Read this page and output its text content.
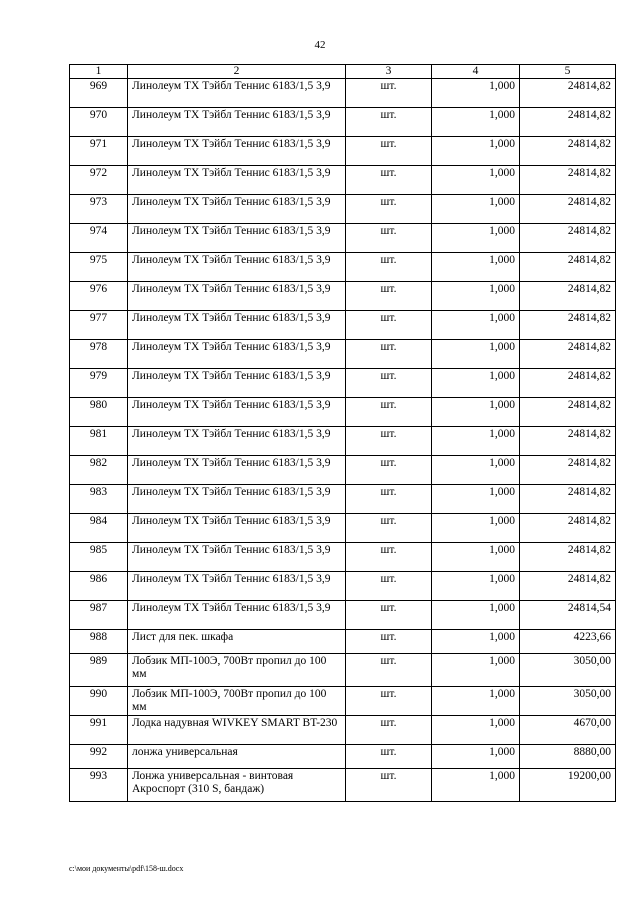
42
1	2	3	4	5
969	Линолеум ТХ Тэйбл Теннис 6183/1,5 3,9	шт.	1,000	24814,82
970	Линолеум ТХ Тэйбл Теннис 6183/1,5 3,9	шт.	1,000	24814,82
971	Линолеум ТХ Тэйбл Теннис 6183/1,5 3,9	шт.	1,000	24814,82
972	Линолеум ТХ Тэйбл Теннис 6183/1,5 3,9	шт.	1,000	24814,82
973	Линолеум ТХ Тэйбл Теннис 6183/1,5 3,9	шт.	1,000	24814,82
974	Линолеум ТХ Тэйбл Теннис 6183/1,5 3,9	шт.	1,000	24814,82
975	Линолеум ТХ Тэйбл Теннис 6183/1,5 3,9	шт.	1,000	24814,82
976	Линолеум ТХ Тэйбл Теннис 6183/1,5 3,9	шт.	1,000	24814,82
977	Линолеум ТХ Тэйбл Теннис 6183/1,5 3,9	шт.	1,000	24814,82
978	Линолеум ТХ Тэйбл Теннис 6183/1,5 3,9	шт.	1,000	24814,82
979	Линолеум ТХ Тэйбл Теннис 6183/1,5 3,9	шт.	1,000	24814,82
980	Линолеум ТХ Тэйбл Теннис 6183/1,5 3,9	шт.	1,000	24814,82
981	Линолеум ТХ Тэйбл Теннис 6183/1,5 3,9	шт.	1,000	24814,82
982	Линолеум ТХ Тэйбл Теннис 6183/1,5 3,9	шт.	1,000	24814,82
983	Линолеум ТХ Тэйбл Теннис 6183/1,5 3,9	шт.	1,000	24814,82
984	Линолеум ТХ Тэйбл Теннис 6183/1,5 3,9	шт.	1,000	24814,82
985	Линолеум ТХ Тэйбл Теннис 6183/1,5 3,9	шт.	1,000	24814,82
986	Линолеум ТХ Тэйбл Теннис 6183/1,5 3,9	шт.	1,000	24814,82
987	Линолеум ТХ Тэйбл Теннис 6183/1,5 3,9	шт.	1,000	24814,54
988	Лист для пек. шкафа	шт.	1,000	4223,66
989	Лобзик МП-100Э, 700Вт пропил до 100 мм	шт.	1,000	3050,00
990	Лобзик МП-100Э, 700Вт пропил до 100 мм	шт.	1,000	3050,00
991	Лодка надувная WIVKEY SMART BT-230	шт.	1,000	4670,00
992	лонжа универсальная	шт.	1,000	8880,00
993	Лонжа универсальная - винтовая Акроспорт (310 S, бандаж)	шт.	1,000	19200,00
c:\мои документы\pdf\158-ш.docx
